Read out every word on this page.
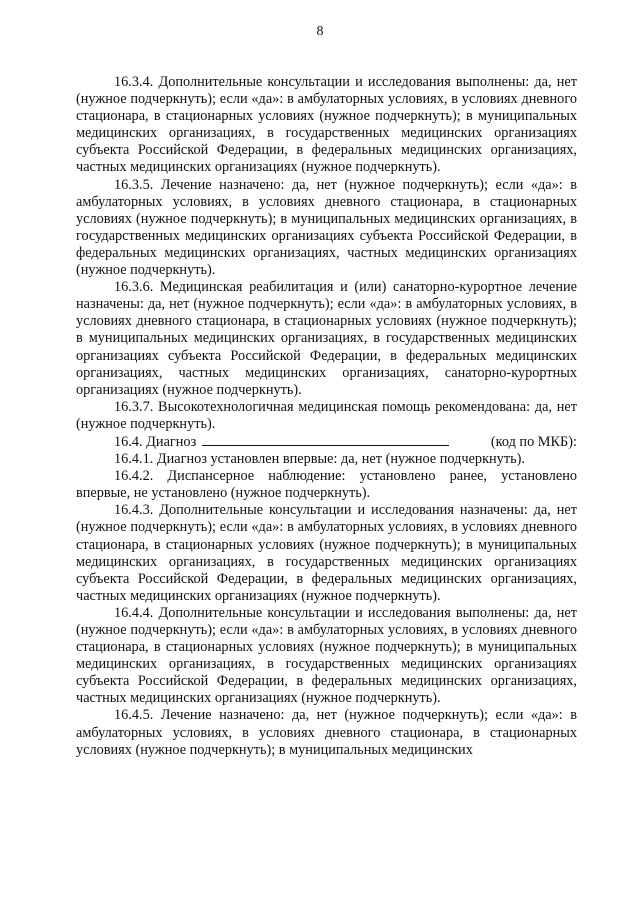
8

16.3.4. Дополнительные консультации и исследования выполнены: да, нет (нужное подчеркнуть); если «да»: в амбулаторных условиях, в условиях дневного стационара, в стационарных условиях (нужное подчеркнуть); в муниципальных медицинских организациях, в государственных медицинских организациях субъекта Российской Федерации, в федеральных медицинских организациях, частных медицинских организациях (нужное подчеркнуть).

16.3.5. Лечение назначено: да, нет (нужное подчеркнуть); если «да»: в амбулаторных условиях, в условиях дневного стационара, в стационарных условиях (нужное подчеркнуть); в муниципальных медицинских организациях, в государственных медицинских организациях субъекта Российской Федерации, в федеральных медицинских организациях, частных медицинских организациях (нужное подчеркнуть).

16.3.6. Медицинская реабилитация и (или) санаторно-курортное лечение назначены: да, нет (нужное подчеркнуть); если «да»: в амбулаторных условиях, в условиях дневного стационара, в стационарных условиях (нужное подчеркнуть); в муниципальных медицинских организациях, в государственных медицинских организациях субъекта Российской Федерации, в федеральных медицинских организациях, частных медицинских организациях, санаторно-курортных организациях (нужное подчеркнуть).

16.3.7. Высокотехнологичная медицинская помощь рекомендована: да, нет (нужное подчеркнуть).

16.4. Диагноз	(код по МКБ):

16.4.1. Диагноз установлен впервые: да, нет (нужное подчеркнуть).

16.4.2. Диспансерное наблюдение: установлено ранее, установлено впервые, не установлено (нужное подчеркнуть).

16.4.3. Дополнительные консультации и исследования назначены: да, нет (нужное подчеркнуть); если «да»: в амбулаторных условиях, в условиях дневного стационара, в стационарных условиях (нужное подчеркнуть); в муниципальных медицинских организациях, в государственных медицинских организациях субъекта Российской Федерации, в федеральных медицинских организациях, частных медицинских организациях (нужное подчеркнуть).

16.4.4. Дополнительные консультации и исследования выполнены: да, нет (нужное подчеркнуть); если «да»: в амбулаторных условиях, в условиях дневного стационара, в стационарных условиях (нужное подчеркнуть); в муниципальных медицинских организациях, в государственных медицинских организациях субъекта Российской Федерации, в федеральных медицинских организациях, частных медицинских организациях (нужное подчеркнуть).

16.4.5. Лечение назначено: да, нет (нужное подчеркнуть); если «да»: в амбулаторных условиях, в условиях дневного стационара, в стационарных условиях (нужное подчеркнуть); в муниципальных медицинских
